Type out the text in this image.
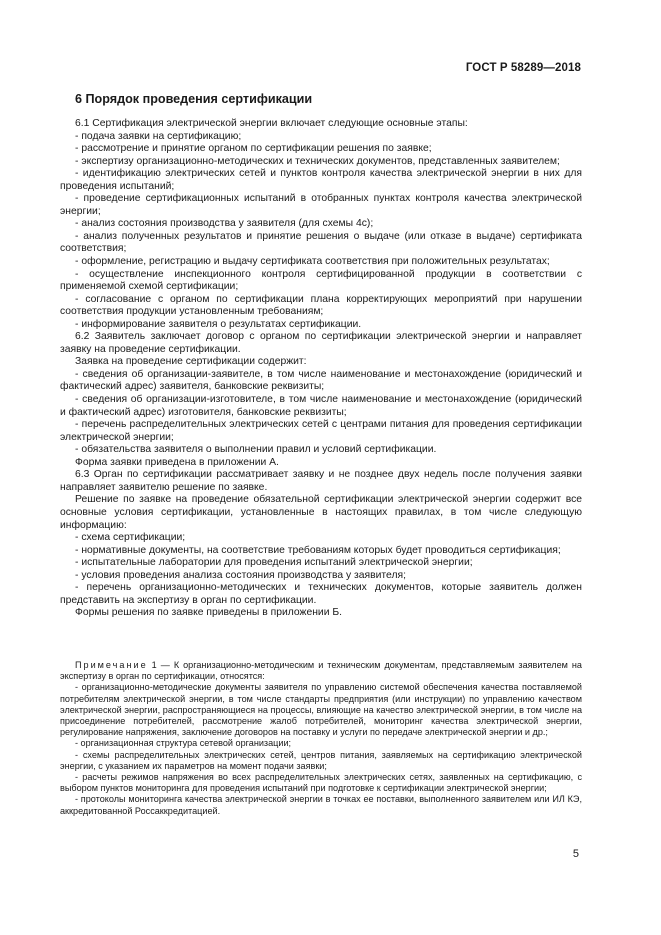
ГОСТ Р 58289—2018
6 Порядок проведения сертификации

6.1 Сертификация электрической энергии включает следующие основные этапы:

- подача заявки на сертификацию;

- рассмотрение и принятие органом по сертификации решения по заявке;

- экспертизу организационно-методических и технических документов, представленных заявителем;

- идентификацию электрических сетей и пунктов контроля качества электрической энергии в них для проведения испытаний;

- проведение сертификационных испытаний в отобранных пунктах контроля качества электрической энергии;

- анализ состояния производства у заявителя (для схемы 4с);

- анализ полученных результатов и принятие решения о выдаче (или отказе в выдаче) сертификата соответствия;

- оформление, регистрацию и выдачу сертификата соответствия при положительных результатах;

- осуществление инспекционного контроля сертифицированной продукции в соответствии с применяемой схемой сертификации;

- согласование с органом по сертификации плана корректирующих мероприятий при нарушении соответствия продукции установленным требованиям;

- информирование заявителя о результатах сертификации.

6.2 Заявитель заключает договор с органом по сертификации электрической энергии и направляет заявку на проведение сертификации.

Заявка на проведение сертификации содержит:

- сведения об организации-заявителе, в том числе наименование и местонахождение (юридический и фактический адрес) заявителя, банковские реквизиты;

- сведения об организации-изготовителе, в том числе наименование и местонахождение (юридический и фактический адрес) изготовителя, банковские реквизиты;

- перечень распределительных электрических сетей с центрами питания для проведения сертификации электрической энергии;

- обязательства заявителя о выполнении правил и условий сертификации.

Форма заявки приведена в приложении А.

6.3 Орган по сертификации рассматривает заявку и не позднее двух недель после получения заявки направляет заявителю решение по заявке.

Решение по заявке на проведение обязательной сертификации электрической энергии содержит все основные условия сертификации, установленные в настоящих правилах, в том числе следующую информацию:

- схема сертификации;

- нормативные документы, на соответствие требованиям которых будет проводиться сертификация;

- испытательные лаборатории для проведения испытаний электрической энергии;

- условия проведения анализа состояния производства у заявителя;

- перечень организационно-методических и технических документов, которые заявитель должен представить на экспертизу в орган по сертификации.

Формы решения по заявке приведены в приложении Б.

Примечание 1 — К организационно-методическим и техническим документам, представляемым заявителем на экспертизу в орган по сертификации, относятся:

- организационно-методические документы заявителя по управлению системой обеспечения качества поставляемой потребителям электрической энергии, в том числе стандарты предприятия (или инструкции) по управлению качеством электрической энергии, распространяющиеся на процессы, влияющие на качество электрической энергии, в том числе на присоединение потребителей, рассмотрение жалоб потребителей, мониторинг качества электрической энергии, регулирование напряжения, заключение договоров на поставку и услуги по передаче электрической энергии и др.;

- организационная структура сетевой организации;

- схемы распределительных электрических сетей, центров питания, заявляемых на сертификацию электрической энергии, с указанием их параметров на момент подачи заявки;

- расчеты режимов напряжения во всех распределительных электрических сетях, заявленных на сертификацию, с выбором пунктов мониторинга для проведения испытаний при подготовке к сертификации электрической энергии;

- протоколы мониторинга качества электрической энергии в точках ее поставки, выполненного заявителем или ИЛ КЭ, аккредитованной Россаккредитацией.

5
